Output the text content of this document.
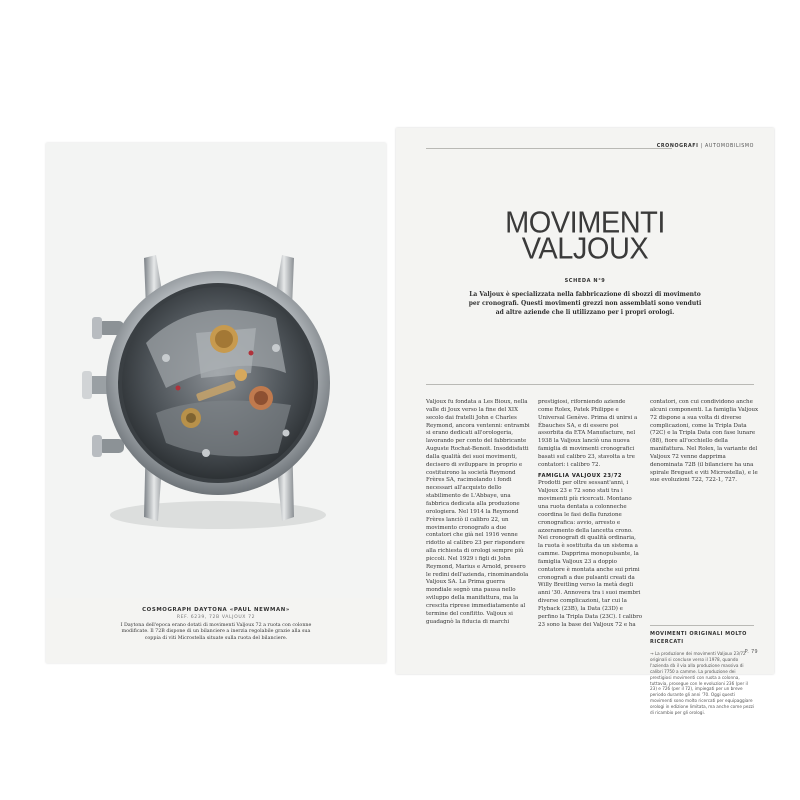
COSMOGRAPH DAYTONA «PAUL NEWMAN»
REF. 6239, 72B VALJOUX 72
I Daytona dell'epoca erano dotati di movimenti Valjoux 72 a ruota con colonne modificate. Il 72B dispone di un bilanciere a inerzia regolabile grazie alla sua coppia di viti Microstella situate sulla ruota del bilanciere.
CRONOGRAFI | AUTOMOBILISMO
MOVIMENTI
VALJOUX
SCHEDA N°9
La Valjoux è specializzata nella fabbricazione di sbozzi di movimento per cronografi. Questi movimenti grezzi non assemblati sono venduti ad altre aziende che li utilizzano per i propri orologi.

Valjoux fu fondata a Les Bioux, nella valle di Joux verso la fine del XIX secolo dai fratelli John e Charles Reymond, ancora ventenni: entrambi si erano dedicati all'orologeria, lavorando per conto del fabbricante Auguste Rochat-Benoit. Insoddisfatti dalla qualità dei suoi movimenti, decisero di sviluppare in proprio e costituirono la società Reymond Frères SA, racimolando i fondi necessari all'acquisto dello stabilimento de L'Abbaye, una fabbrica dedicata alla produzione orologiera. Nel 1914 la Reymond Frères lanciò il calibro 22, un movimento cronografo a due contatori che già nel 1916 venne ridotto al calibro 23 per rispondere alla richiesta di orologi sempre più piccoli. Nel 1929 i figli di John Reymond, Marius e Arnold, presero le redini dell'azienda, rinominandola Valjoux SA. La Prima guerra mondiale segnò una pausa nello sviluppo della manifattura, ma la crescita riprese immediatamente al termine del conflitto. Valjoux si guadagnò la fiducia di marchi

prestigiosi, riforniendo aziende come Rolex, Patek Philippe e Universal Genève. Prima di unirsi a Ébauches SA, e di essere poi assorbita da ETA Manufacture, nel 1938 la Valjoux lanciò una nuova famiglia di movimenti cronografici basati sul calibro 23, stavolta a tre contatori: i calibro 72.

FAMIGLIA VALJOUX 23/72

Prodotti per oltre sessant'anni, i Valjoux 23 e 72 sono stati tra i movimenti più ricercati. Montano una ruota dentata a colonneche coordina le fasi della funzione cronografica: avvio, arresto e azzeramento della lancetta crono. Nei cronografi di qualità ordinaria, la ruota è sostituita da un sistema a camme. Dapprima monopulsante, la famiglia Valjoux 23 a doppio contatore è montata anche sui primi cronografi a due pulsanti creati da Willy Breitling verso la metà degli anni '30. Annovera tra i suoi membri diverse complicazioni, tar cui la Flyback (23B), la Data (23D) e perfino la Tripla Data (23C). I calibro 23 sono la base dei Valjoux 72 e ha

contatori, con cui condividono anche alcuni componenti. La famiglia Valjoux 72 dispone a sua volta di diverse complicazioni, come la Tripla Data (72C) e la Tripla Data con fase lunare (88), fiore all'occhiello della manifattura. Nel Rolex, la variante del Valjoux 72 venne dapprima denominata 72B (il bilanciere ha una spirale Breguet e viti Microstella), e le sue evoluzioni 722, 722-1, 727.

MOVIMENTI ORIGINALI MOLTO RICERCATI
→ La produzione dei movimenti Valjoux 23/72 originali si concluse verso il 1978, quando l'azienda dà il via alla produzione massiva di calibri 7750 a camme. La produzione dei prestigiosi movimenti con ruota a colonna, tuttavia, prosegue con le evoluzioni 236 (per il 23) e 726 (per il 72), impiegati per un breve periodo durante gli anni '70. Oggi questi movimenti sono molto ricercati per equipaggiare orologi in edizione limitata, ma anche come pezzi di ricambio per gli orologi.
P. 79
